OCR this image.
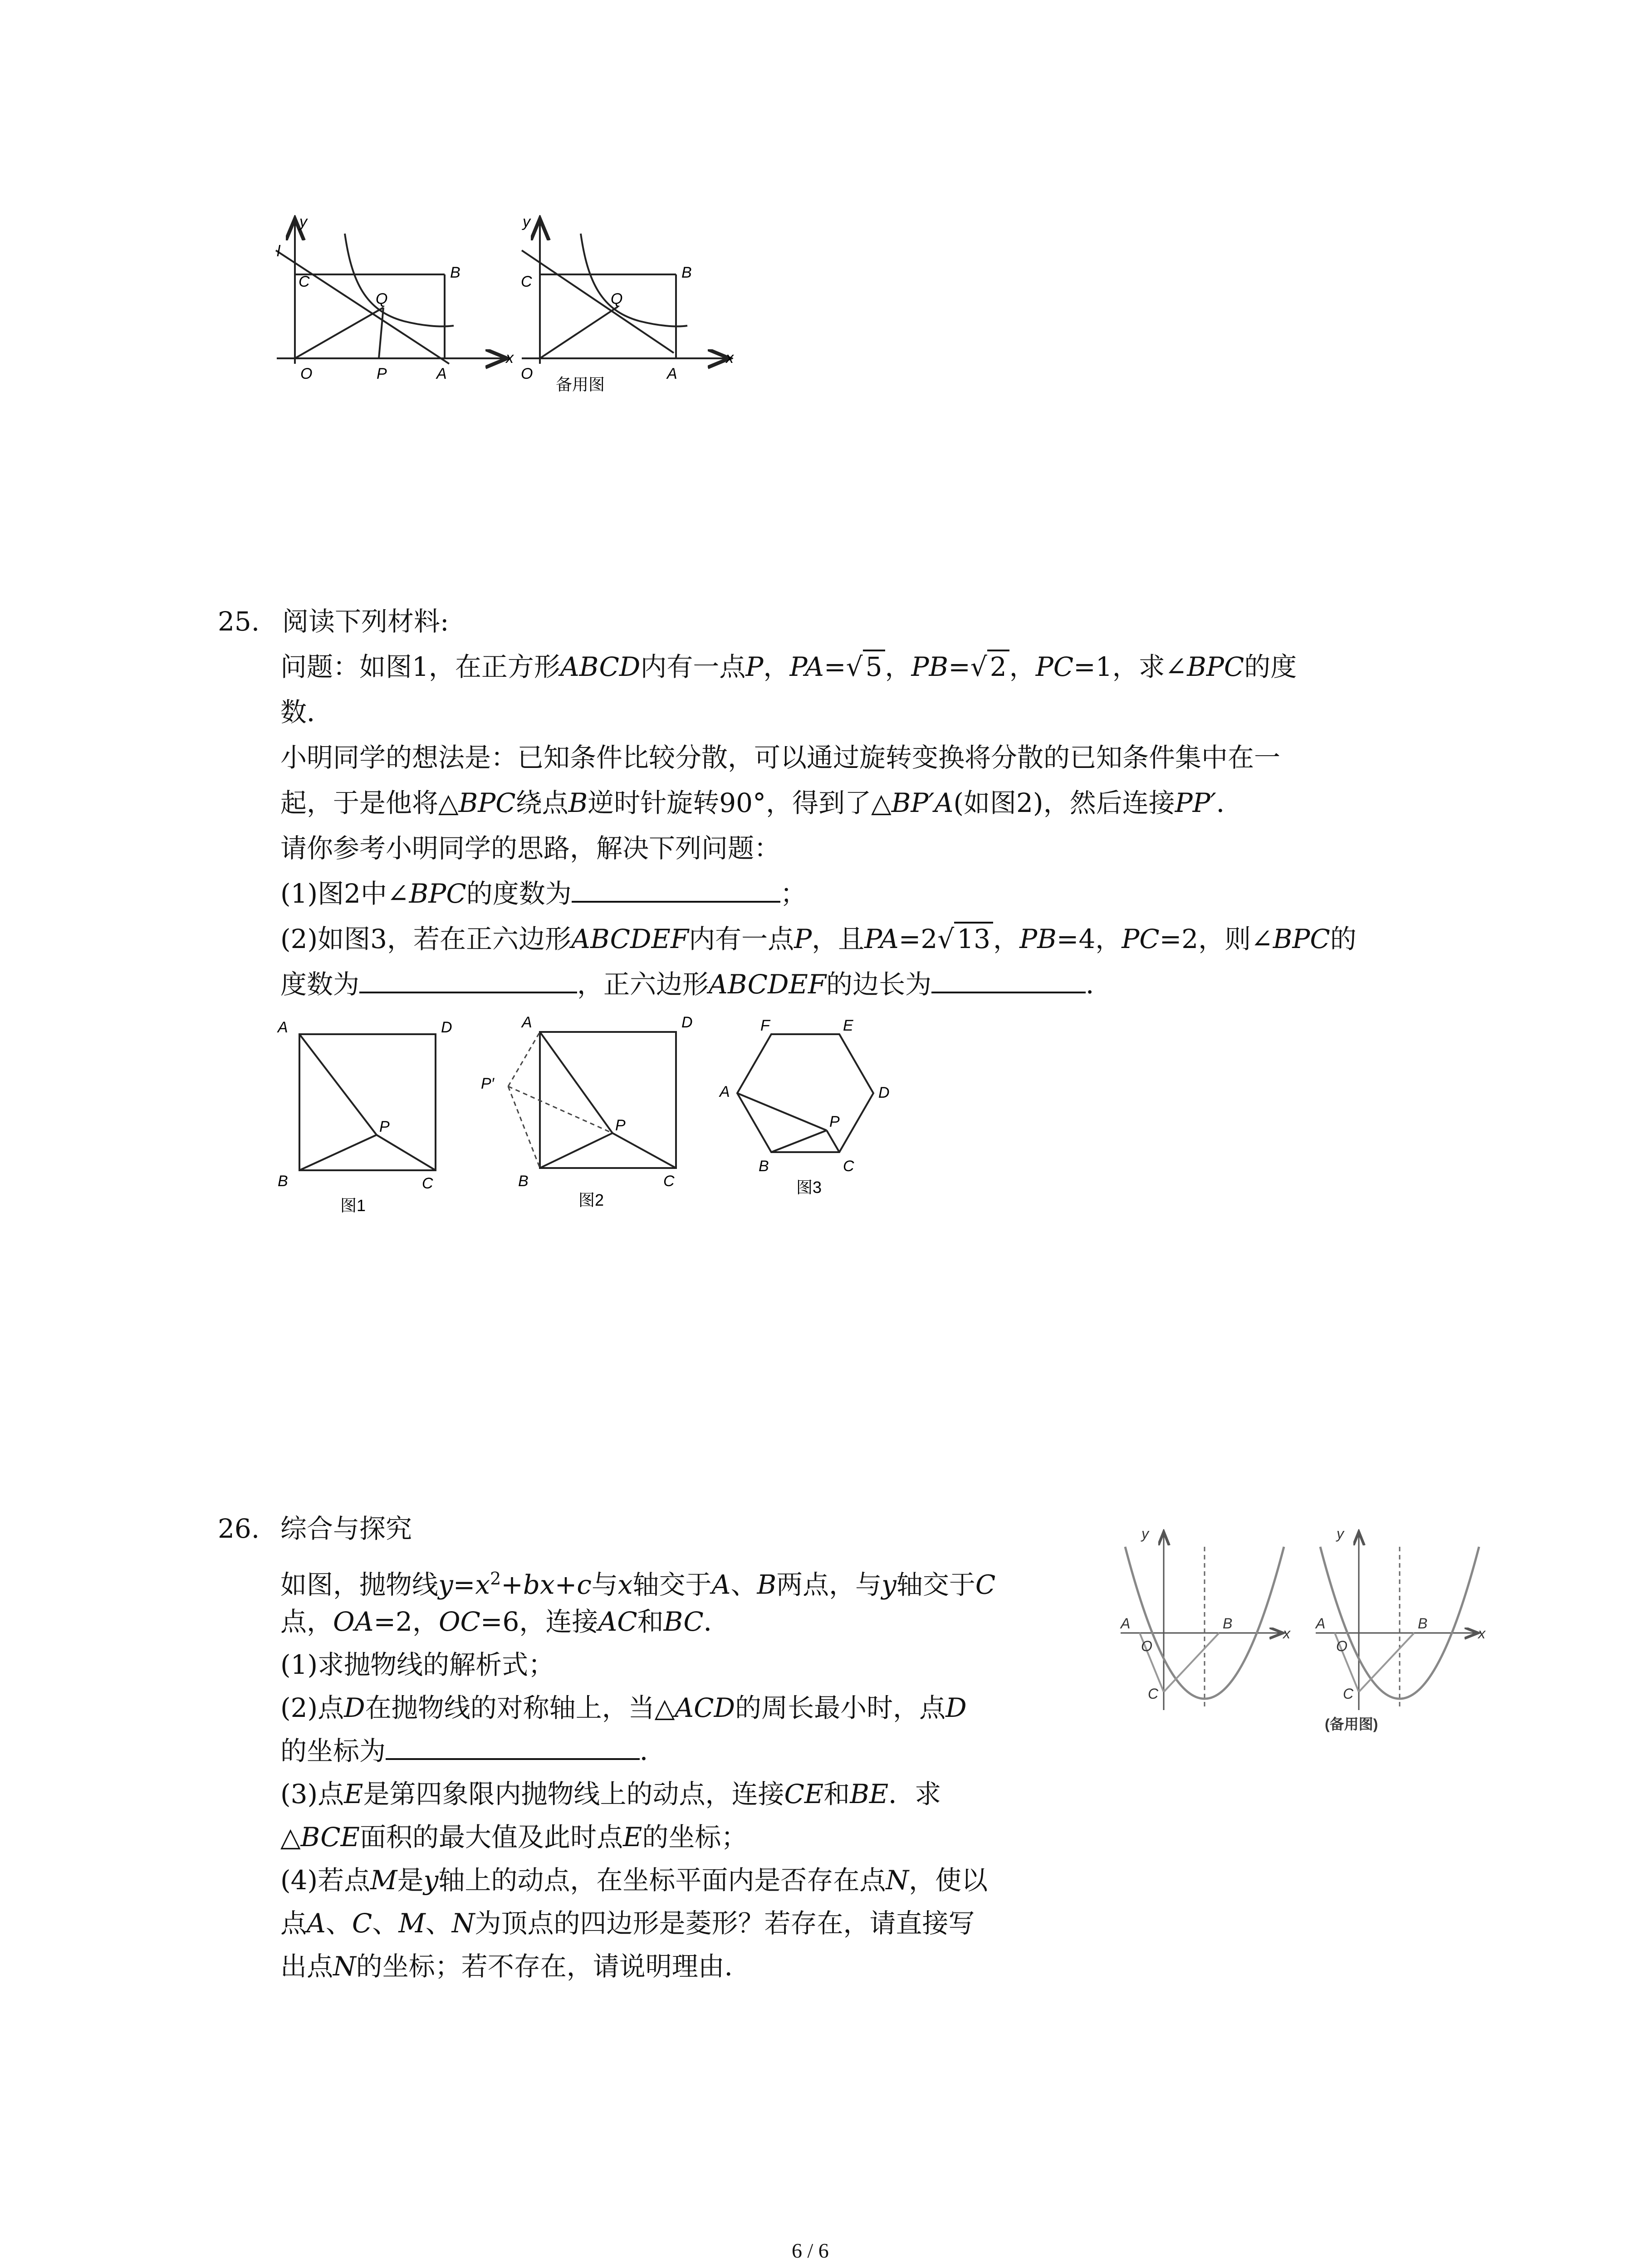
y
l
C
B
Q
O	P	A
x
y
C
B
Q
O	A
x
备用图
25. 阅读下列材料:
问题：如图1，在正方形ABCD内有一点P，PA=√ 5 ，PB=√ 2 ，PC=1，求∠BPC的度
数．
小明同学的想法是：已知条件比较分散，可以通过旋转变换将分散的已知条件集中在一
起，于是他将△BPC绕点B逆时针旋转90°，得到了△BP′A(如图2)，然后连接PP′．
请你参考小明同学的思路，解决下列问题：
(1)图2中∠BPC的度数为	；
(2)如图3，若在正六边形ABCDEF内有一点P，且PA=2√ 13 ，PB=4，PC=2，则∠BPC的
度数为	，正六边形ABCDEF的边长为	．
A	D
P
B	C
图1
A	D
P′
P
B	C
图2
F	E
A	D
P
B	C
图3
26. 综合与探究
如图，抛物线$y=x^2+bx+c$与x轴交于A、B两点，与y轴交于C
点，OA=2，OC=6，连接AC和BC．
(1)求抛物线的解析式；
(2)点D在抛物线的对称轴上，当△ACD的周长最小时，点D
的坐标为	．
(3)点E是第四象限内抛物线上的动点，连接CE和BE．求
△BCE面积的最大值及此时点E的坐标；
(4)若点M是y轴上的动点，在坐标平面内是否存在点N，使以
点A、C、M、N为顶点的四边形是菱形？若存在，请直接写
出点N的坐标；若不存在，请说明理由．
y
A
O
B
x
C
y
A
O
B
x
C
(备用图)
6 / 6
